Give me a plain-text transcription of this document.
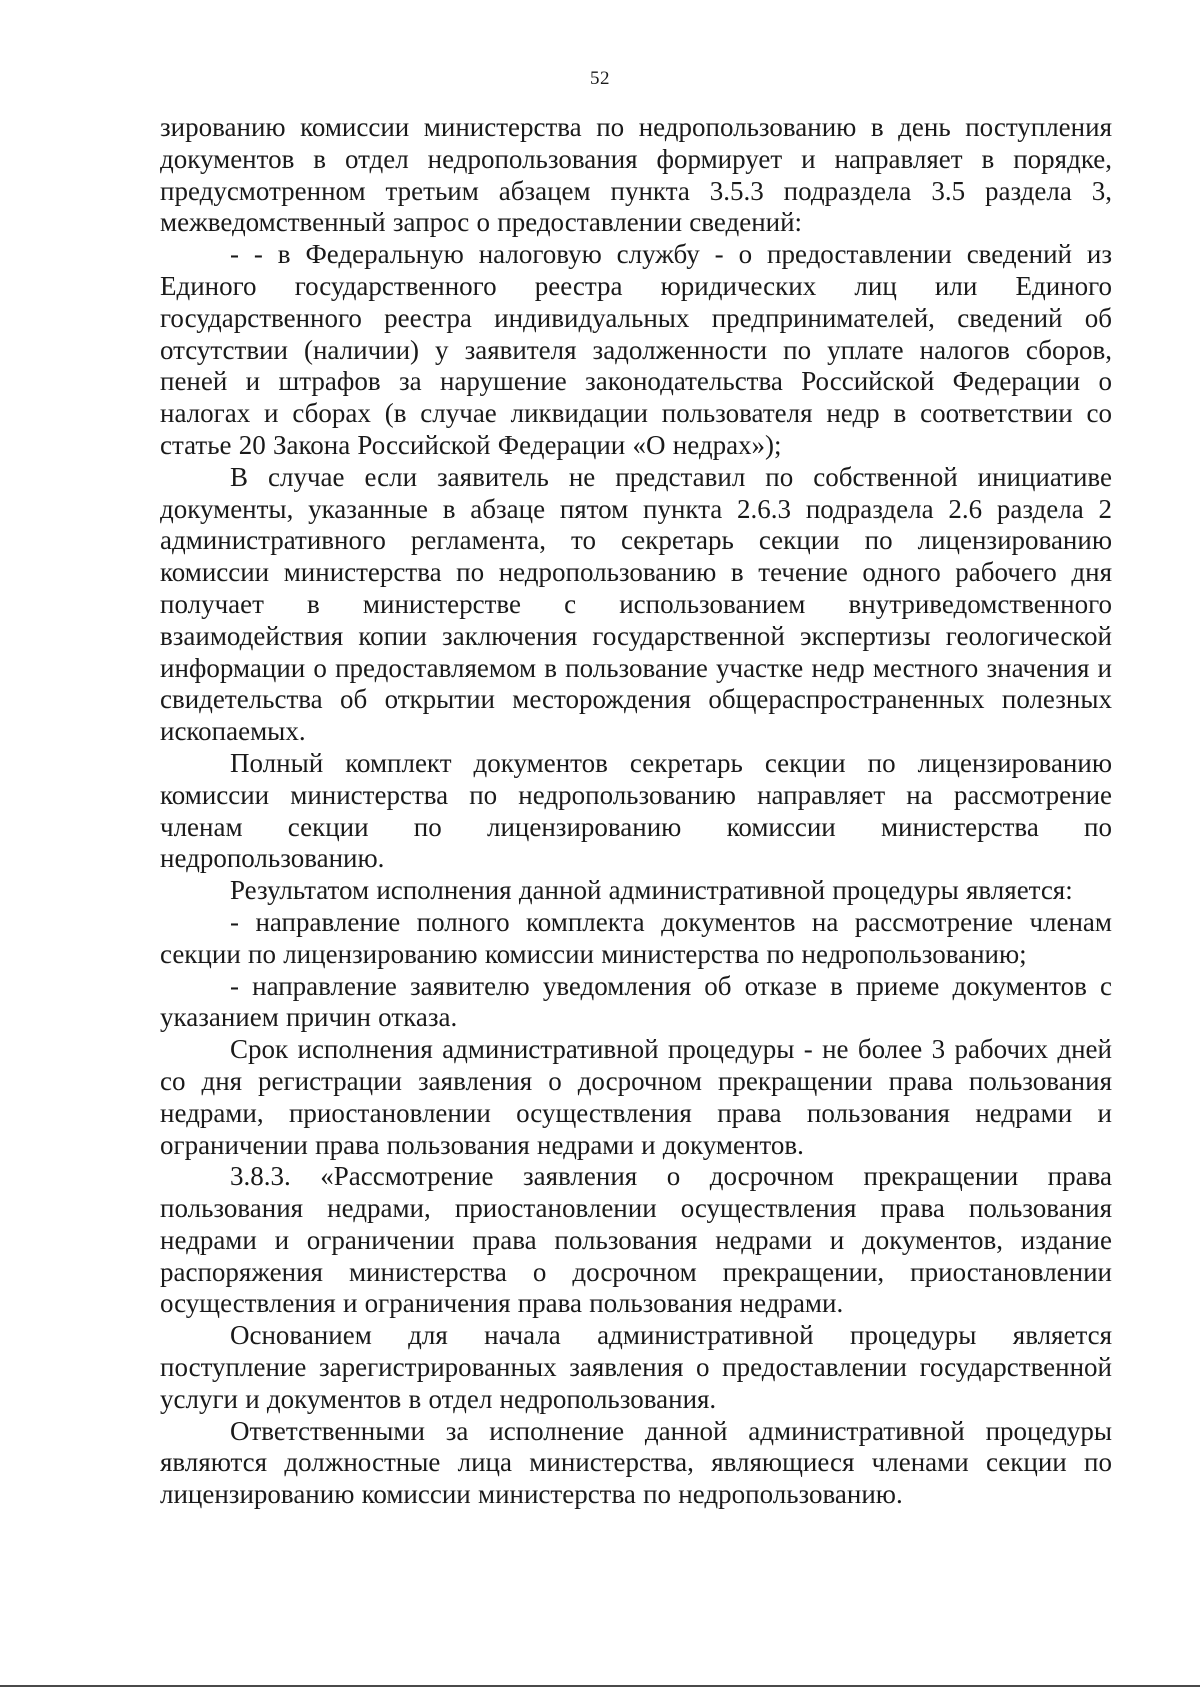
52

зированию комиссии министерства по недропользованию в день поступления документов в отдел недропользования формирует и направляет в порядке, предусмотренном третьим абзацем пункта 3.5.3 подраздела 3.5 раздела 3, межведомственный запрос о предоставлении сведений:

- - в Федеральную налоговую службу - о предоставлении сведений из Единого государственного реестра юридических лиц или Единого государственного реестра индивидуальных предпринимателей, сведений об отсутствии (наличии) у заявителя задолженности по уплате налогов сборов, пеней и штрафов за нарушение законодательства Российской Федерации о налогах и сборах (в случае ликвидации пользователя недр в соответствии со статье 20 Закона Российской Федерации «О недрах»);

В случае если заявитель не представил по собственной инициативе документы, указанные в абзаце пятом пункта 2.6.3 подраздела 2.6 раздела 2 административного регламента, то секретарь секции по лицензированию комиссии министерства по недропользованию в течение одного рабочего дня получает в министерстве с использованием внутриведомственного взаимодействия копии заключения государственной экспертизы геологической информации о предоставляемом в пользование участке недр местного значения и свидетельства об открытии месторождения общераспространенных полезных ископаемых.

Полный комплект документов секретарь секции по лицензированию комиссии министерства по недропользованию направляет на рассмотрение членам секции по лицензированию комиссии министерства по недропользованию.

Результатом исполнения данной административной процедуры является:

- направление полного комплекта документов на рассмотрение членам секции по лицензированию комиссии министерства по недропользованию;

- направление заявителю уведомления об отказе в приеме документов с указанием причин отказа.

Срок исполнения административной процедуры - не более 3 рабочих дней со дня регистрации заявления о досрочном прекращении права пользования недрами, приостановлении осуществления права пользования недрами и ограничении права пользования недрами и документов.

3.8.3. «Рассмотрение заявления о досрочном прекращении права пользования недрами, приостановлении осуществления права пользования недрами и ограничении права пользования недрами и документов, издание распоряжения министерства о досрочном прекращении, приостановлении осуществления и ограничения права пользования недрами.

Основанием для начала административной процедуры является поступление зарегистрированных заявления о предоставлении государственной услуги и документов в отдел недропользования.

Ответственными за исполнение данной административной процедуры являются должностные лица министерства, являющиеся членами секции по лицензированию комиссии министерства по недропользованию.
